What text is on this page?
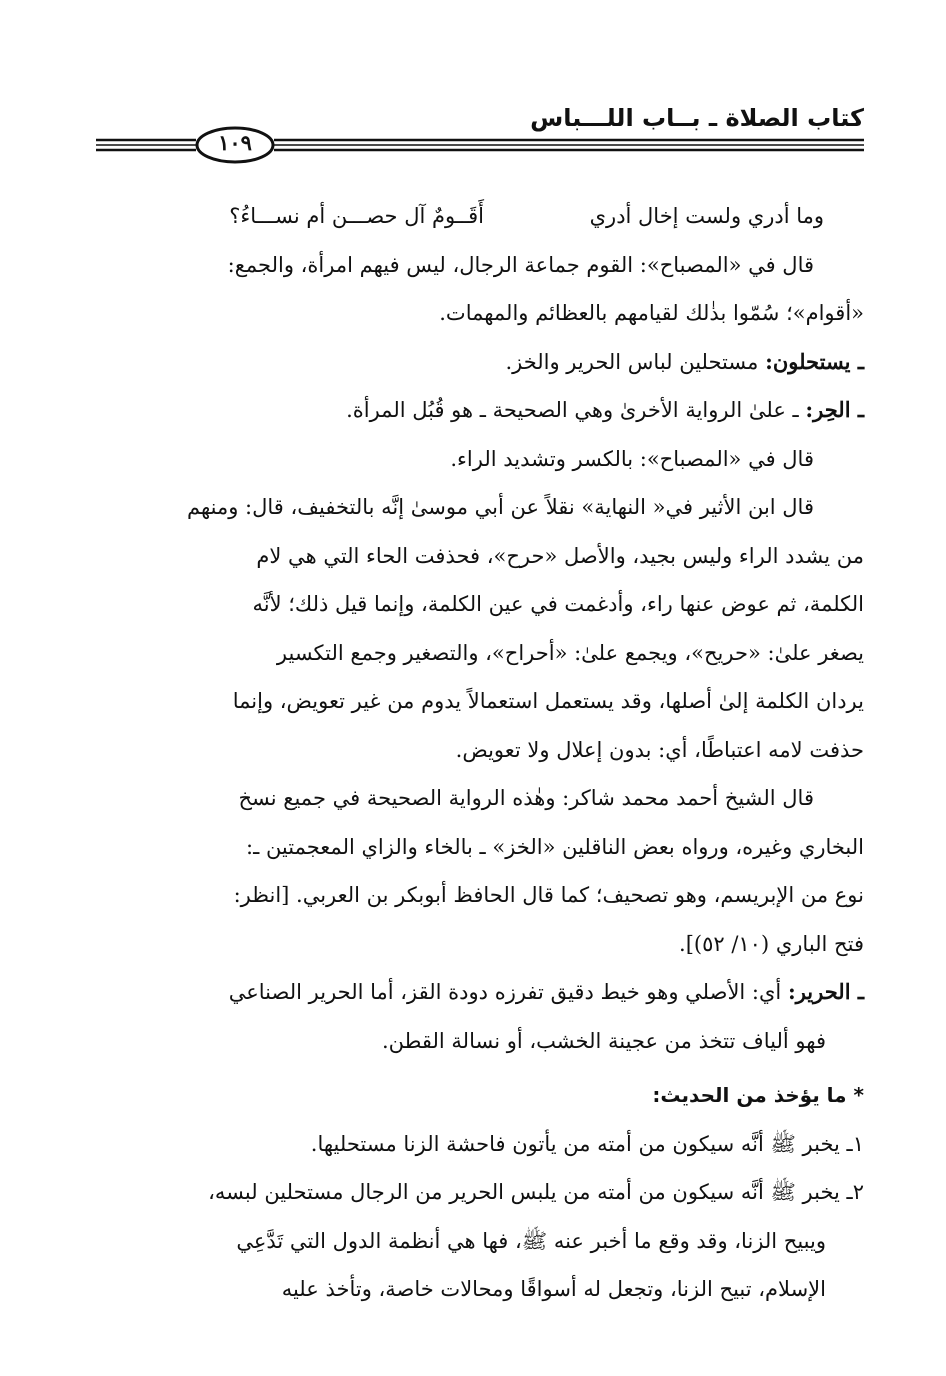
كتاب الصلاة ـ بــاب اللـــباس
١٠٩
وما أدري ولست إخال أدري
أَقَــومٌ آل حصـــن أم نســـاءُ؟
قال في «المصباح»: القوم جماعة الرجال، ليس فيهم امرأة، والجمع:
«أقوام»؛ سُمّوا بذٰلك لقيامهم بالعظائم والمهمات.
ـ يستحلون: مستحلين لباس الحرير والخز.
ـ الحِر: ـ علىٰ الرواية الأخرىٰ وهي الصحيحة ـ هو قُبُل المرأة.
قال في «المصباح»: بالكسر وتشديد الراء.
قال ابن الأثير في« النهاية» نقلاً عن أبي موسىٰ إنَّه بالتخفيف، قال: ومنهم
من يشدد الراء وليس بجيد، والأصل «حرح»، فحذفت الحاء التي هي لام
الكلمة، ثم عوض عنها راء، وأدغمت في عين الكلمة، وإنما قيل ذلك؛ لأنَّه
يصغر علىٰ: «حريح»، ويجمع علىٰ: «أحراح»، والتصغير وجمع التكسير
يردان الكلمة إلىٰ أصلها، وقد يستعمل استعمالاً يدوم من غير تعويض، وإنما
حذفت لامه اعتباطًا، أي: بدون إعلال ولا تعويض.
قال الشيخ أحمد محمد شاكر: وهٰذه الرواية الصحيحة في جميع نسخ
البخاري وغيره، ورواه بعض الناقلين «الخز» ـ بالخاء والزاي المعجمتين ـ:
نوع من الإبريسم، وهو تصحيف؛ كما قال الحافظ أبوبكر بن العربي. [انظر:
فتح الباري (١٠/ ٥٢)].
ـ الحرير: أي: الأصلي وهو خيط دقيق تفرزه دودة القز، أما الحرير الصناعي
فهو ألياف تتخذ من عجينة الخشب، أو نسالة القطن.
* ما يؤخذ من الحديث:
١ـ يخبر ﷺ أنَّه سيكون من أمته من يأتون فاحشة الزنا مستحليها.
٢ـ يخبر ﷺ أنَّه سيكون من أمته من يلبس الحرير من الرجال مستحلين لبسه،
ويبيح الزنا، وقد وقع ما أخبر عنه ﷺ، فها هي أنظمة الدول التي تَدَّعِي
الإسلام، تبيح الزنا، وتجعل له أسواقًا ومحالات خاصة، وتأخذ عليه
